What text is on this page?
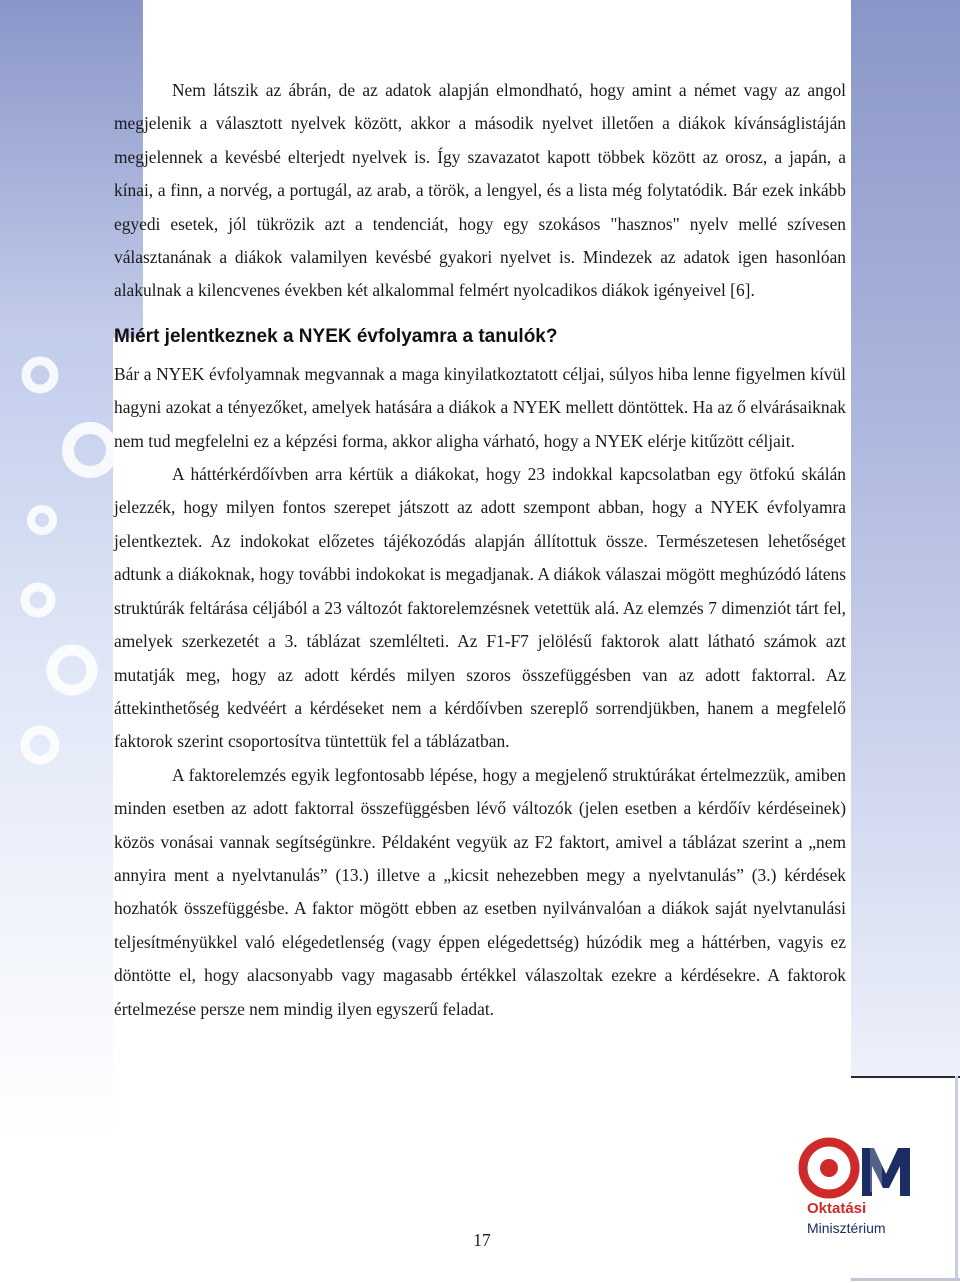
Nem látszik az ábrán, de az adatok alapján elmondható, hogy amint a német vagy az angol megjelenik a választott nyelvek között, akkor a második nyelvet illetően a diákok kívánságlistáján megjelennek a kevésbé elterjedt nyelvek is. Így szavazatot kapott többek között az orosz, a japán, a kínai, a finn, a norvég, a portugál, az arab, a török, a lengyel, és a lista még folytatódik. Bár ezek inkább egyedi esetek, jól tükrözik azt a tendenciát, hogy egy szokásos "hasznos" nyelv mellé szívesen választanának a diákok valamilyen kevésbé gyakori nyelvet is. Mindezek az adatok igen hasonlóan alakulnak a kilencvenes években két alkalommal felmért nyolcadikos diákok igényeivel [6].

Miért jelentkeznek a NYEK évfolyamra a tanulók?

Bár a NYEK évfolyamnak megvannak a maga kinyilatkoztatott céljai, súlyos hiba lenne figyelmen kívül hagyni azokat a tényezőket, amelyek hatására a diákok a NYEK mellett döntöttek. Ha az ő elvárásaiknak nem tud megfelelni ez a képzési forma, akkor aligha várható, hogy a NYEK elérje kitűzött céljait.

A háttérkérdőívben arra kértük a diákokat, hogy 23 indokkal kapcsolatban egy ötfokú skálán jelezzék, hogy milyen fontos szerepet játszott az adott szempont abban, hogy a NYEK évfolyamra jelentkeztek. Az indokokat előzetes tájékozódás alapján állítottuk össze. Természetesen lehetőséget adtunk a diákoknak, hogy további indokokat is megadjanak. A diákok válaszai mögött meghúzódó látens struktúrák feltárása céljából a 23 változót faktorelemzésnek vetettük alá. Az elemzés 7 dimenziót tárt fel, amelyek szerkezetét a 3. táblázat szemlélteti. Az F1-F7 jelölésű faktorok alatt látható számok azt mutatják meg, hogy az adott kérdés milyen szoros összefüggésben van az adott faktorral. Az áttekinthetőség kedvéért a kérdéseket nem a kérdőívben szereplő sorrendjükben, hanem a megfelelő faktorok szerint csoportosítva tüntettük fel a táblázatban.

A faktorelemzés egyik legfontosabb lépése, hogy a megjelenő struktúrákat értelmezzük, amiben minden esetben az adott faktorral összefüggésben lévő változók (jelen esetben a kérdőív kérdéseinek) közös vonásai vannak segítségünkre. Példaként vegyük az F2 faktort, amivel a táblázat szerint a „nem annyira ment a nyelvtanulás” (13.) illetve a „kicsit nehezebben megy a nyelvtanulás” (3.) kérdések hozhatók összefüggésbe. A faktor mögött ebben az esetben nyilvánvalóan a diákok saját nyelvtanulási teljesítményükkel való elégedetlenség (vagy éppen elégedettség) húzódik meg a háttérben, vagyis ez döntötte el, hogy alacsonyabb vagy magasabb értékkel válaszoltak ezekre a kérdésekre. A faktorok értelmezése persze nem mindig ilyen egyszerű feladat.

17
Oktatási
Minisztérium
